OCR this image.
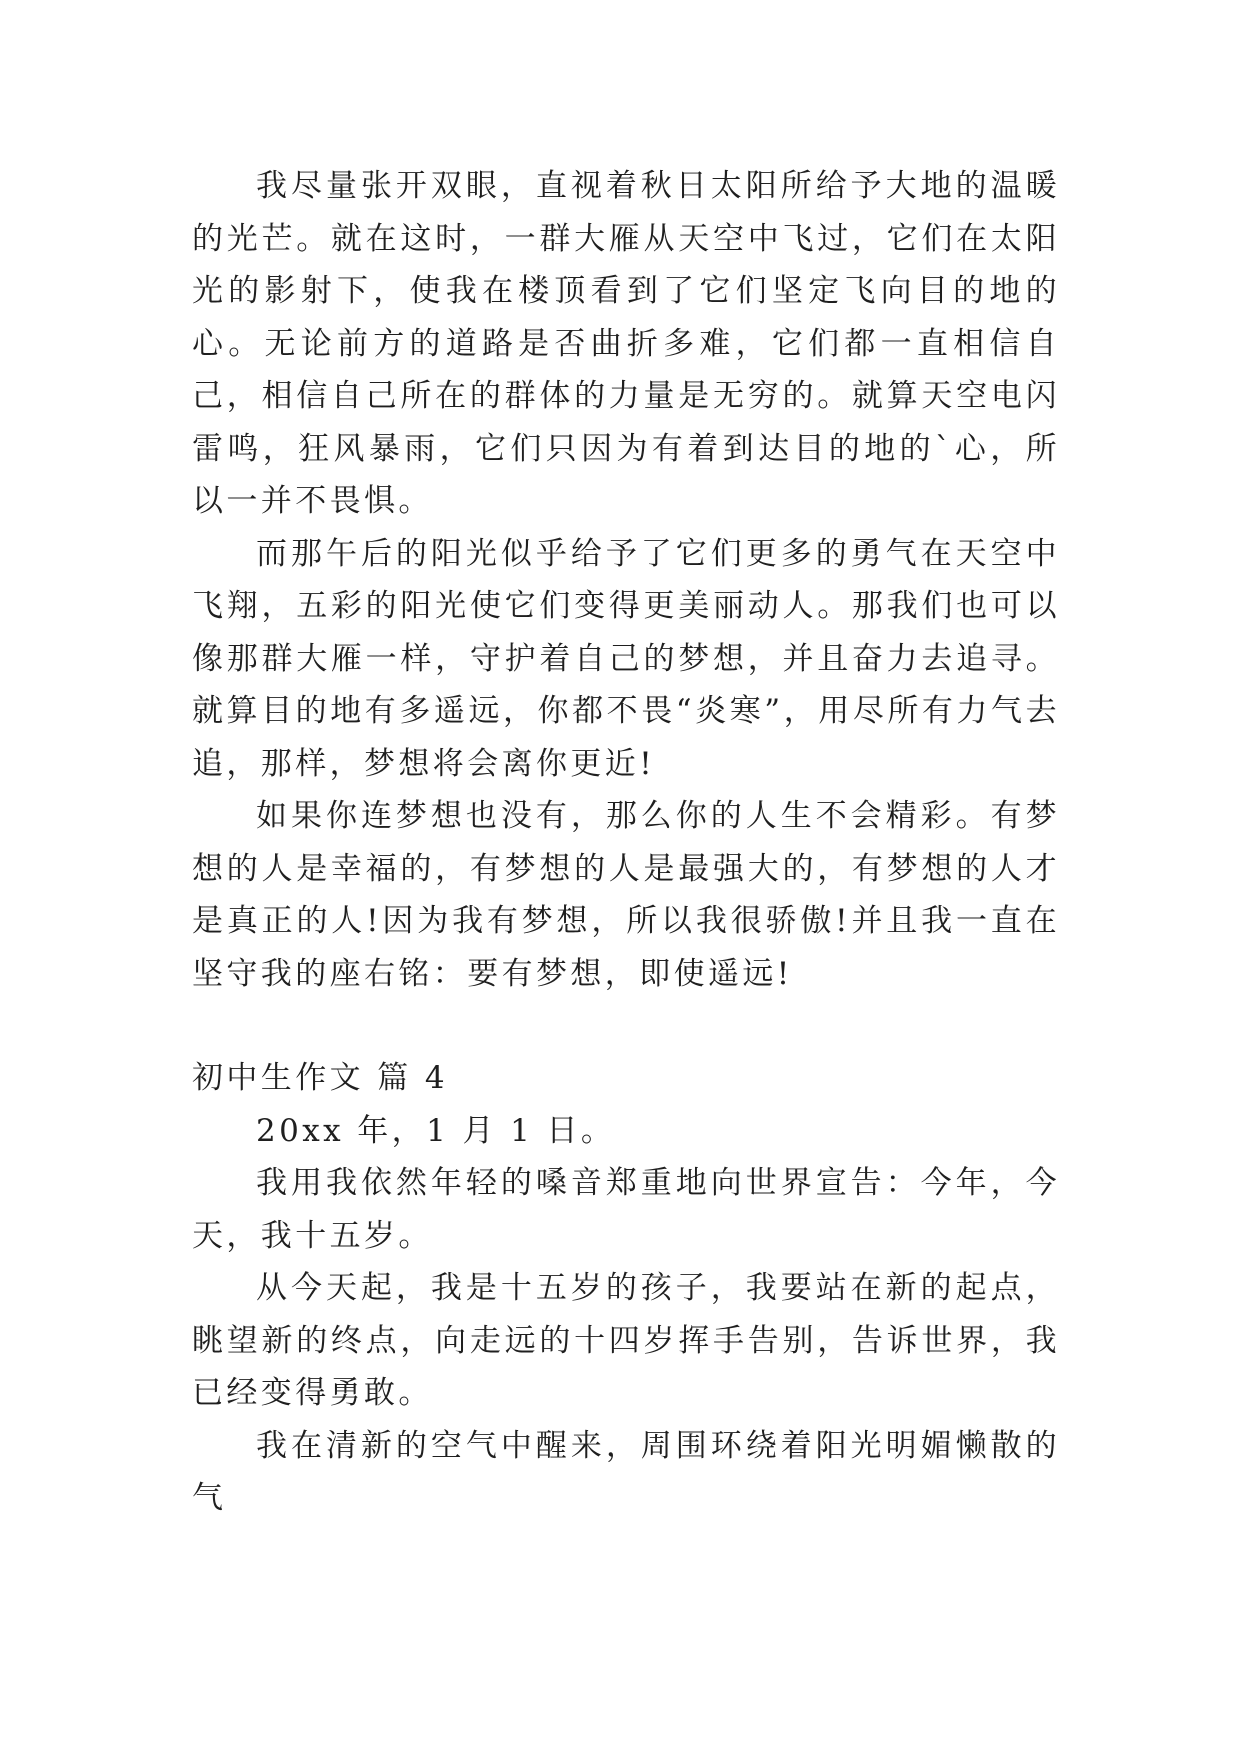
我尽量张开双眼，直视着秋日太阳所给予大地的温暖的光芒。就在这时，一群大雁从天空中飞过，它们在太阳光的影射下，使我在楼顶看到了它们坚定飞向目的地的心。无论前方的道路是否曲折多难，它们都一直相信自己，相信自己所在的群体的力量是无穷的。就算天空电闪雷鸣，狂风暴雨，它们只因为有着到达目的地的`心，所以一并不畏惧。

而那午后的阳光似乎给予了它们更多的勇气在天空中飞翔，五彩的阳光使它们变得更美丽动人。那我们也可以像那群大雁一样，守护着自己的梦想，并且奋力去追寻。就算目的地有多遥远，你都不畏“炎寒”，用尽所有力气去追，那样，梦想将会离你更近!

如果你连梦想也没有，那么你的人生不会精彩。有梦想的人是幸福的，有梦想的人是最强大的，有梦想的人才是真正的人!因为我有梦想，所以我很骄傲!并且我一直在坚守我的座右铭：要有梦想，即使遥远!

初中生作文 篇 4

20xx 年，1 月 1 日。

我用我依然年轻的嗓音郑重地向世界宣告：今年，今天，我十五岁。

从今天起，我是十五岁的孩子，我要站在新的起点，眺望新的终点，向走远的十四岁挥手告别，告诉世界，我已经变得勇敢。

我在清新的空气中醒来，周围环绕着阳光明媚懒散的气
